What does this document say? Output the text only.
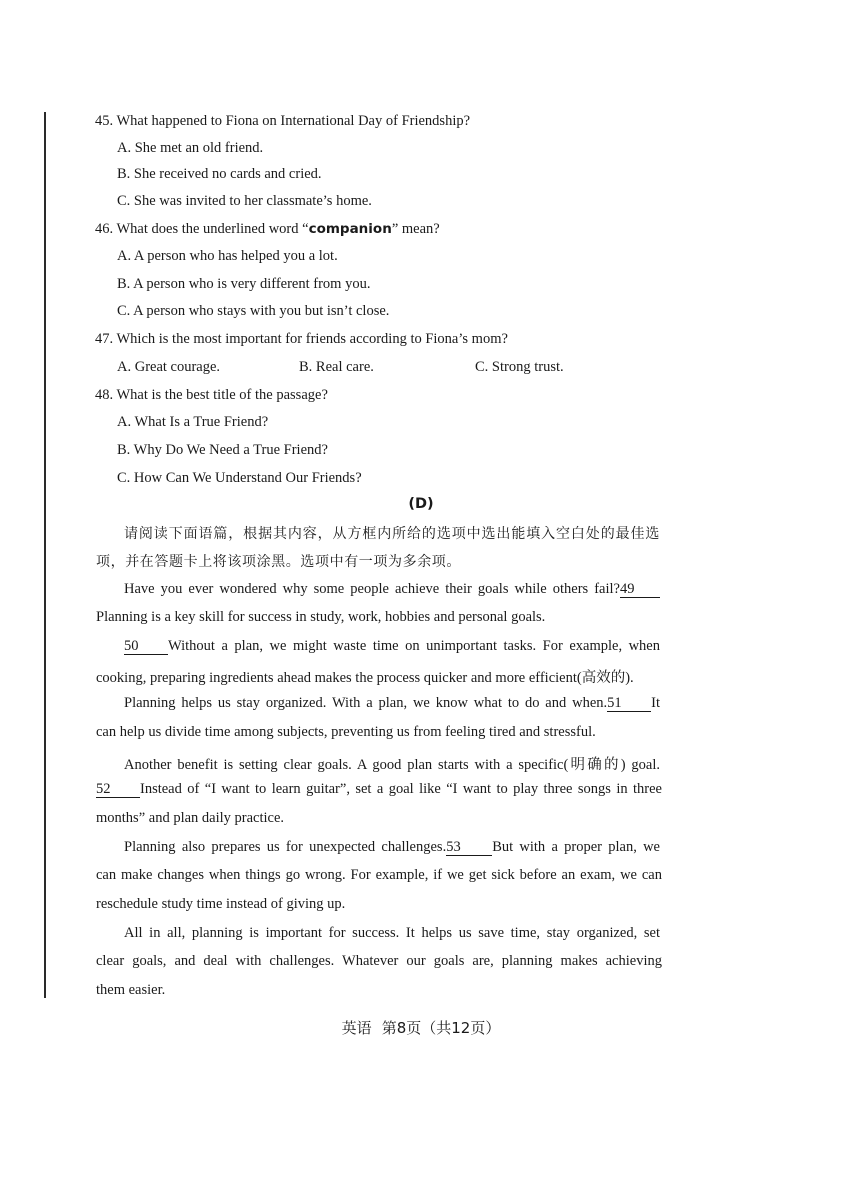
45. What happened to Fiona on International Day of Friendship?
A. She met an old friend.
B. She received no cards and cried.
C. She was invited to her classmate’s home.
46. What does the underlined word “companion” mean?
A. A person who has helped you a lot.
B. A person who is very different from you.
C. A person who stays with you but isn’t close.
47. Which is the most important for friends according to Fiona’s mom?
A. Great courage.	B. Real care.	C. Strong trust.
48. What is the best title of the passage?
A. What Is a True Friend?
B. Why Do We Need a True Friend?
C. How Can We Understand Our Friends?
(D)
请阅读下面语篇，根据其内容，从方框内所给的选项中选出能填入空白处的最佳选
项，并在答题卡上将该项涂黑。选项中有一项为多余项。
Have you ever wondered why some people achieve their goals while others fail?49
Planning is a key skill for success in study, work, hobbies and personal goals.
50 Without a plan, we might waste time on unimportant tasks. For example, when
cooking, preparing ingredients ahead makes the process quicker and more efficient(高效的).
Planning helps us stay organized. With a plan, we know what to do and when.51 It
can help us divide time among subjects, preventing us from feeling tired and stressful.
Another benefit is setting clear goals. A good plan starts with a specific(明确的) goal.
52 Instead of “I want to learn guitar”, set a goal like “I want to play three songs in three
months” and plan daily practice.
Planning also prepares us for unexpected challenges.53 But with a proper plan, we
can make changes when things go wrong. For example, if we get sick before an exam, we can
reschedule study time instead of giving up.
All in all, planning is important for success. It helps us save time, stay organized, set
clear goals, and deal with challenges. Whatever our goals are, planning makes achieving
them easier.
英语 第8页（共12页）
